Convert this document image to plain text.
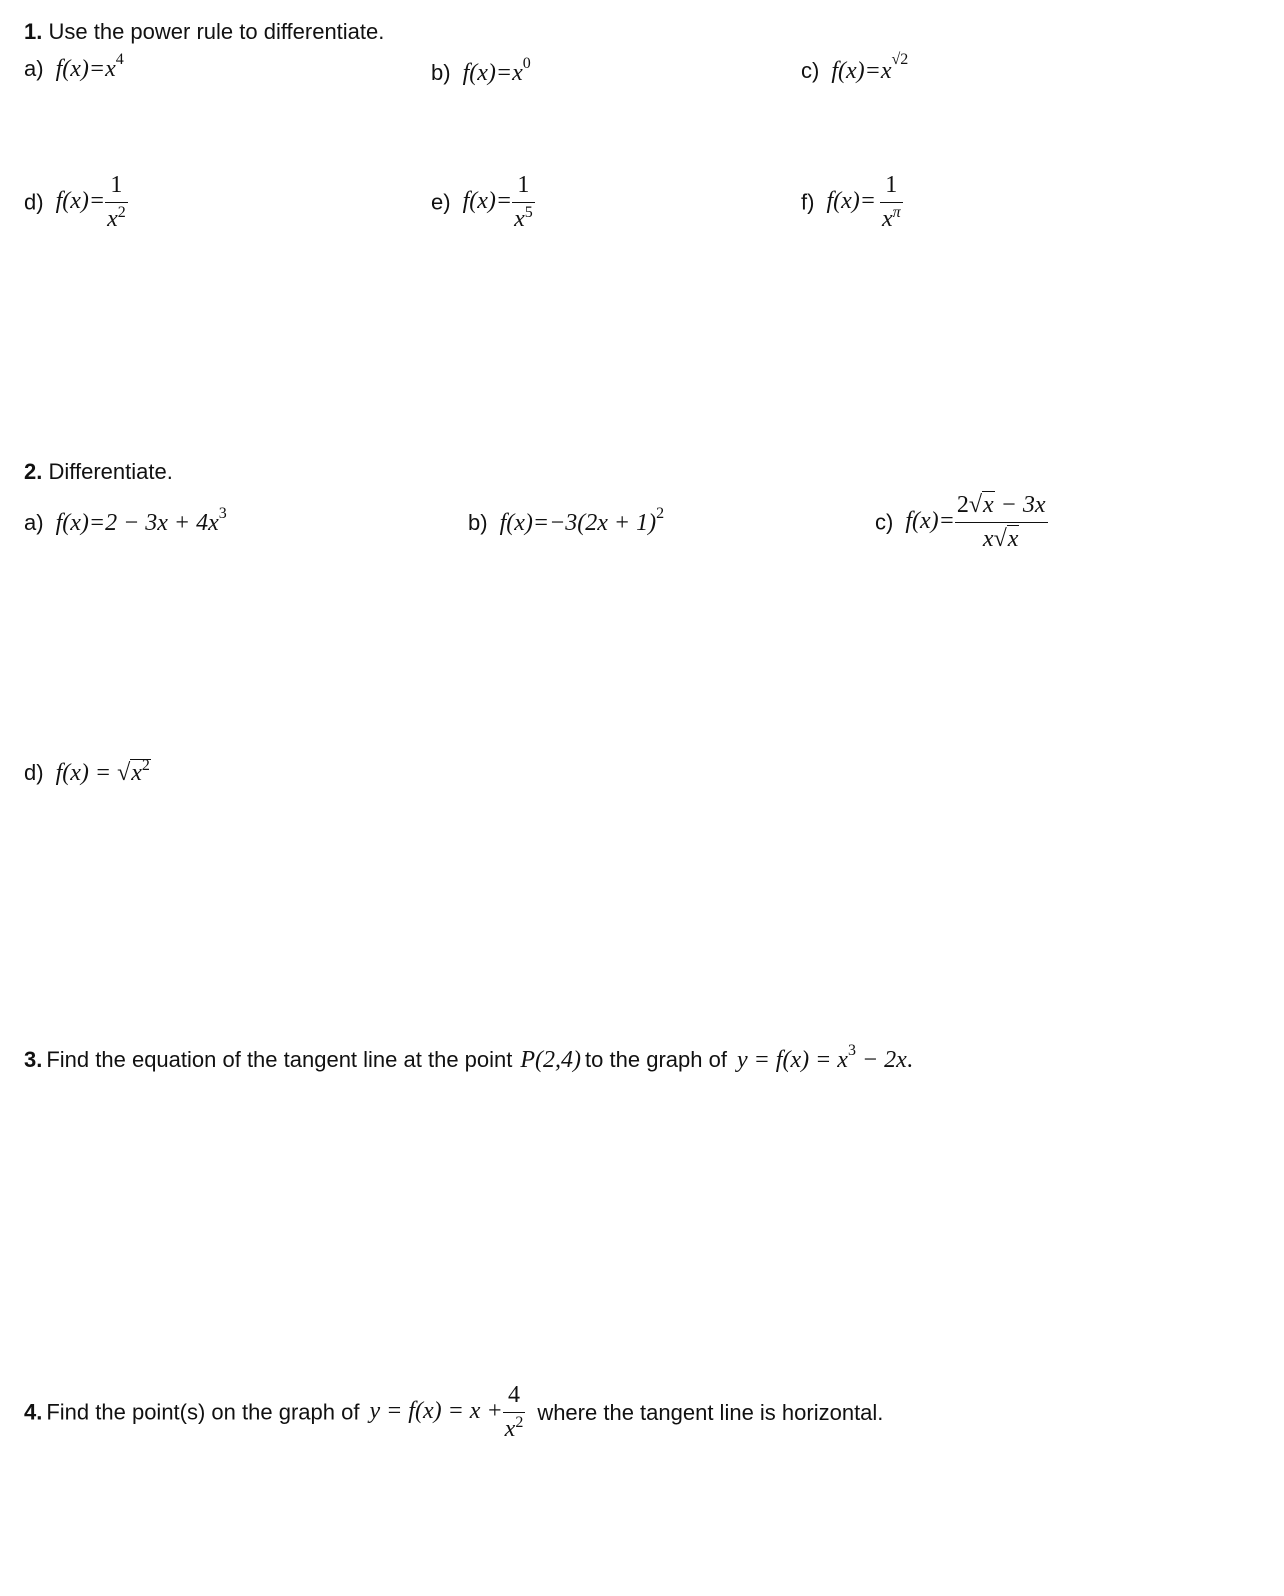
1. Use the power rule to differentiate.
a) $f(x)=x^4$
b) $f(x)=x^0$	c) $f(x)=x^{√2}$
d) $f(x)= \frac{1}{x^2}$	e) $f(x)= \frac{1}{x^5}$	f) $f(x)= \frac{1}{x^\pi}$
2. Differentiate.
a) $f(x)=2 - 3x + 4x^3$	b) $f(x)=-3(2x + 1)^2$	c) $f(x)= \frac{2√x - 3x}{x√x}$
d) $f(x) = √x^2$
3. Find the equation of the tangent line at the point P(2,4) to the graph of $y = f(x) = x^3 - 2x$.
4. Find the point(s) on the graph of $y = f(x) = x + \frac{4}{x^2}$ where the tangent line is horizontal.
